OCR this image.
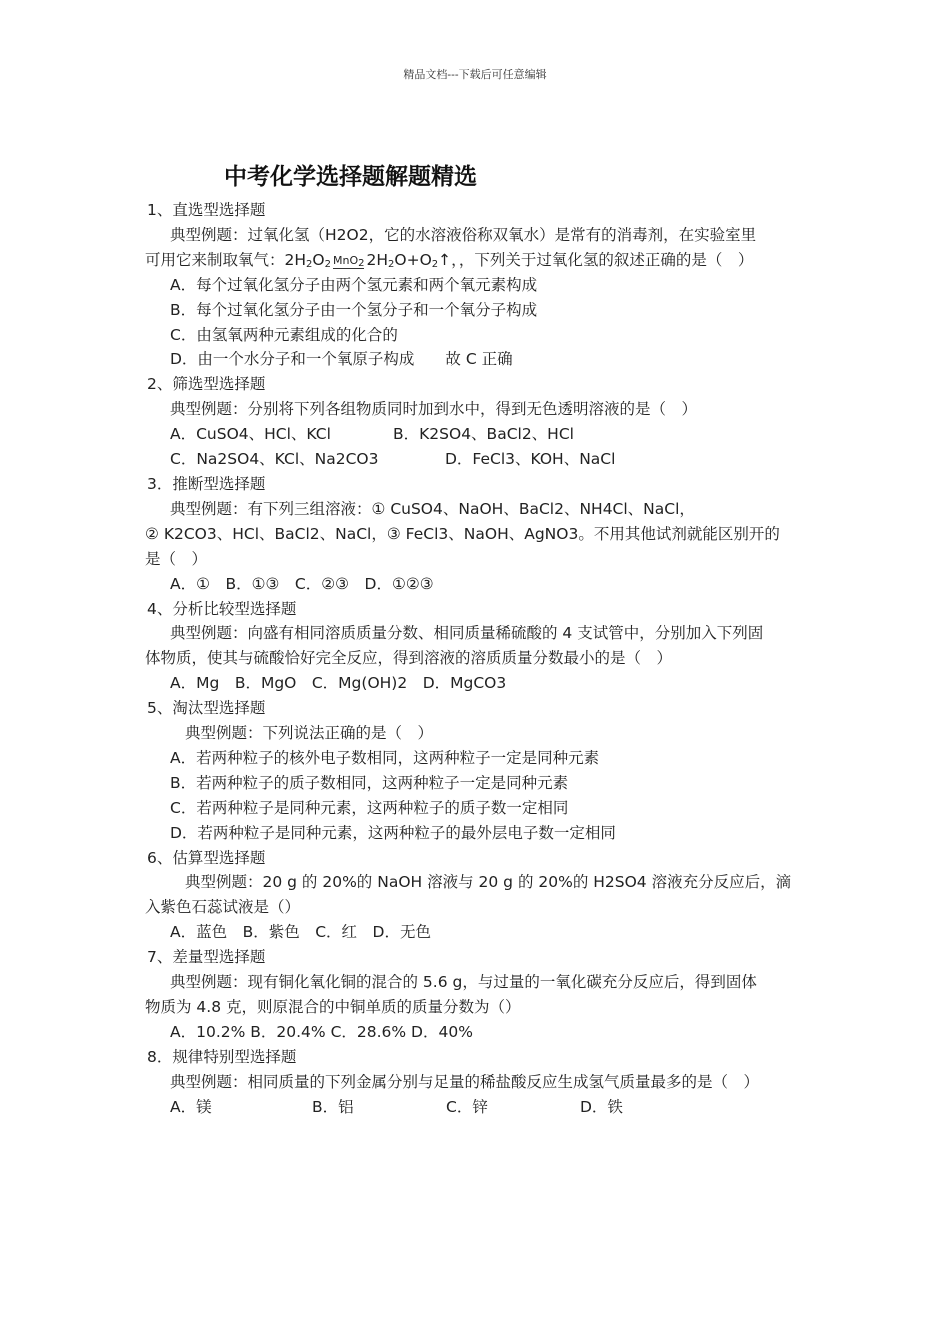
精品文档---下载后可任意编辑
中考化学选择题解题精选
1、直选型选择题
典型例题：过氧化氢（H2O2，它的水溶液俗称双氧水）是常有的消毒剂，在实验室里
可用它来制取氧气：$2H_2O_2$ MnO$_2$ $2H_2O+O_2↑$，，下列关于过氧化氢的叙述正确的是（　）
A．每个过氧化氢分子由两个氢元素和两个氧元素构成
B．每个过氧化氢分子由一个氢分子和一个氧分子构成
C．由氢氧两种元素组成的化合的
D．由一个水分子和一个氧原子构成　　故 C 正确
2、筛选型选择题
典型例题：分别将下列各组物质同时加到水中，得到无色透明溶液的是（　）
A．CuSO4、HCl、KCl	B．K2SO4、BaCl2、HCl
C．Na2SO4、KCl、Na2CO3	D．FeCl3、KOH、NaCl
3．推断型选择题
典型例题：有下列三组溶液：① CuSO4、NaOH、BaCl2、NH4Cl、NaCl，
② K2CO3、HCl、BaCl2、NaCl，③ FeCl3、NaOH、AgNO3。不用其他试剂就能区别开的
是（　）
A．①　B．①③　C．②③　D．①②③
4、分析比较型选择题
典型例题：向盛有相同溶质质量分数、相同质量稀硫酸的 4 支试管中，分别加入下列固
体物质，使其与硫酸恰好完全反应，得到溶液的溶质质量分数最小的是（　）
A．Mg　B．MgO　C．Mg(OH)2　D．MgCO3
5、淘汰型选择题
典型例题：下列说法正确的是（　）
A．若两种粒子的核外电子数相同，这两种粒子一定是同种元素
B．若两种粒子的质子数相同，这两种粒子一定是同种元素
C．若两种粒子是同种元素，这两种粒子的质子数一定相同
D．若两种粒子是同种元素，这两种粒子的最外层电子数一定相同
6、估算型选择题
典型例题：20 g 的 20%的 NaOH 溶液与 20 g 的 20%的 H2SO4 溶液充分反应后，滴
入紫色石蕊试液是（）
A．蓝色　B．紫色　C．红　D．无色
7、差量型选择题
典型例题：现有铜化氧化铜的混合的 5.6 g，与过量的一氧化碳充分反应后，得到固体
物质为 4.8 克，则原混合的中铜单质的质量分数为（）
A．10.2% B．20.4% C．28.6% D．40%
8．规律特别型选择题
典型例题：相同质量的下列金属分别与足量的稀盐酸反应生成氢气质量最多的是（　）
A．镁	B．铝	C．锌	D．铁
